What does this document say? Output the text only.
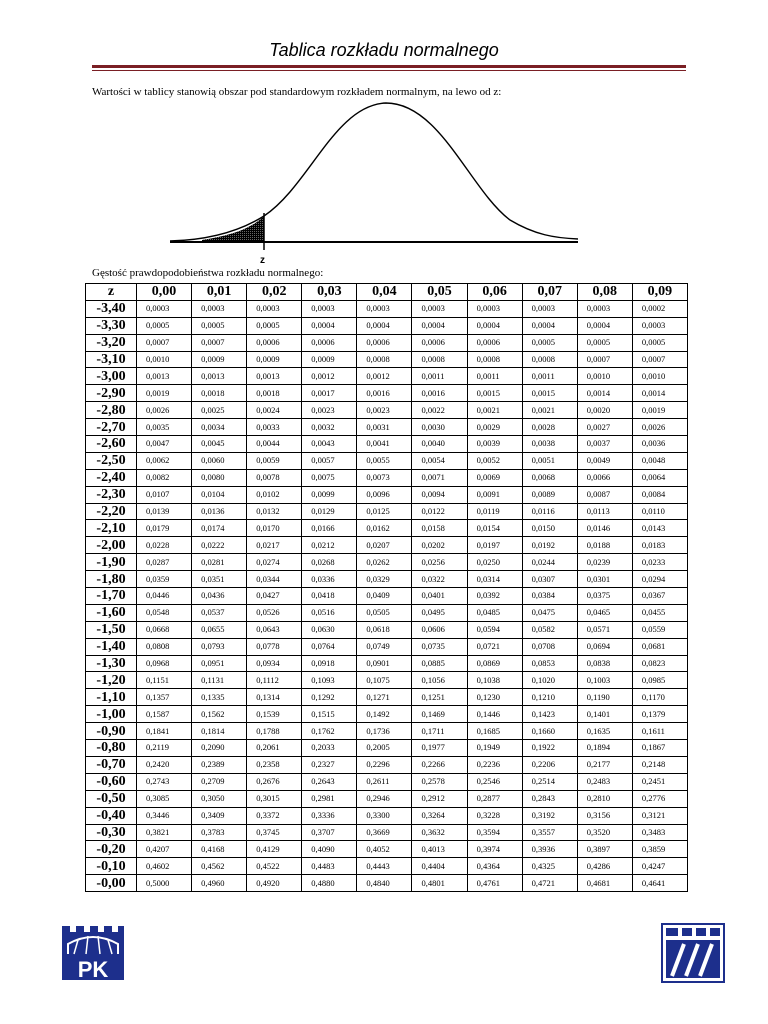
Tablica rozkładu normalnego
Wartości w tablicy stanowią obszar pod standardowym rozkładem normalnym, na lewo od z:
z
Gęstość prawdopodobieństwa rozkładu normalnego:
z	0,00	0,01	0,02	0,03	0,04	0,05	0,06	0,07	0,08	0,09
-3,40	0,0003	0,0003	0,0003	0,0003	0,0003	0,0003	0,0003	0,0003	0,0003	0,0002
-3,30	0,0005	0,0005	0,0005	0,0004	0,0004	0,0004	0,0004	0,0004	0,0004	0,0003
-3,20	0,0007	0,0007	0,0006	0,0006	0,0006	0,0006	0,0006	0,0005	0,0005	0,0005
-3,10	0,0010	0,0009	0,0009	0,0009	0,0008	0,0008	0,0008	0,0008	0,0007	0,0007
-3,00	0,0013	0,0013	0,0013	0,0012	0,0012	0,0011	0,0011	0,0011	0,0010	0,0010
-2,90	0,0019	0,0018	0,0018	0,0017	0,0016	0,0016	0,0015	0,0015	0,0014	0,0014
-2,80	0,0026	0,0025	0,0024	0,0023	0,0023	0,0022	0,0021	0,0021	0,0020	0,0019
-2,70	0,0035	0,0034	0,0033	0,0032	0,0031	0,0030	0,0029	0,0028	0,0027	0,0026
-2,60	0,0047	0,0045	0,0044	0,0043	0,0041	0,0040	0,0039	0,0038	0,0037	0,0036
-2,50	0,0062	0,0060	0,0059	0,0057	0,0055	0,0054	0,0052	0,0051	0,0049	0,0048
-2,40	0,0082	0,0080	0,0078	0,0075	0,0073	0,0071	0,0069	0,0068	0,0066	0,0064
-2,30	0,0107	0,0104	0,0102	0,0099	0,0096	0,0094	0,0091	0,0089	0,0087	0,0084
-2,20	0,0139	0,0136	0,0132	0,0129	0,0125	0,0122	0,0119	0,0116	0,0113	0,0110
-2,10	0,0179	0,0174	0,0170	0,0166	0,0162	0,0158	0,0154	0,0150	0,0146	0,0143
-2,00	0,0228	0,0222	0,0217	0,0212	0,0207	0,0202	0,0197	0,0192	0,0188	0,0183
-1,90	0,0287	0,0281	0,0274	0,0268	0,0262	0,0256	0,0250	0,0244	0,0239	0,0233
-1,80	0,0359	0,0351	0,0344	0,0336	0,0329	0,0322	0,0314	0,0307	0,0301	0,0294
-1,70	0,0446	0,0436	0,0427	0,0418	0,0409	0,0401	0,0392	0,0384	0,0375	0,0367
-1,60	0,0548	0,0537	0,0526	0,0516	0,0505	0,0495	0,0485	0,0475	0,0465	0,0455
-1,50	0,0668	0,0655	0,0643	0,0630	0,0618	0,0606	0,0594	0,0582	0,0571	0,0559
-1,40	0,0808	0,0793	0,0778	0,0764	0,0749	0,0735	0,0721	0,0708	0,0694	0,0681
-1,30	0,0968	0,0951	0,0934	0,0918	0,0901	0,0885	0,0869	0,0853	0,0838	0,0823
-1,20	0,1151	0,1131	0,1112	0,1093	0,1075	0,1056	0,1038	0,1020	0,1003	0,0985
-1,10	0,1357	0,1335	0,1314	0,1292	0,1271	0,1251	0,1230	0,1210	0,1190	0,1170
-1,00	0,1587	0,1562	0,1539	0,1515	0,1492	0,1469	0,1446	0,1423	0,1401	0,1379
-0,90	0,1841	0,1814	0,1788	0,1762	0,1736	0,1711	0,1685	0,1660	0,1635	0,1611
-0,80	0,2119	0,2090	0,2061	0,2033	0,2005	0,1977	0,1949	0,1922	0,1894	0,1867
-0,70	0,2420	0,2389	0,2358	0,2327	0,2296	0,2266	0,2236	0,2206	0,2177	0,2148
-0,60	0,2743	0,2709	0,2676	0,2643	0,2611	0,2578	0,2546	0,2514	0,2483	0,2451
-0,50	0,3085	0,3050	0,3015	0,2981	0,2946	0,2912	0,2877	0,2843	0,2810	0,2776
-0,40	0,3446	0,3409	0,3372	0,3336	0,3300	0,3264	0,3228	0,3192	0,3156	0,3121
-0,30	0,3821	0,3783	0,3745	0,3707	0,3669	0,3632	0,3594	0,3557	0,3520	0,3483
-0,20	0,4207	0,4168	0,4129	0,4090	0,4052	0,4013	0,3974	0,3936	0,3897	0,3859
-0,10	0,4602	0,4562	0,4522	0,4483	0,4443	0,4404	0,4364	0,4325	0,4286	0,4247
-0,00	0,5000	0,4960	0,4920	0,4880	0,4840	0,4801	0,4761	0,4721	0,4681	0,4641
PK
